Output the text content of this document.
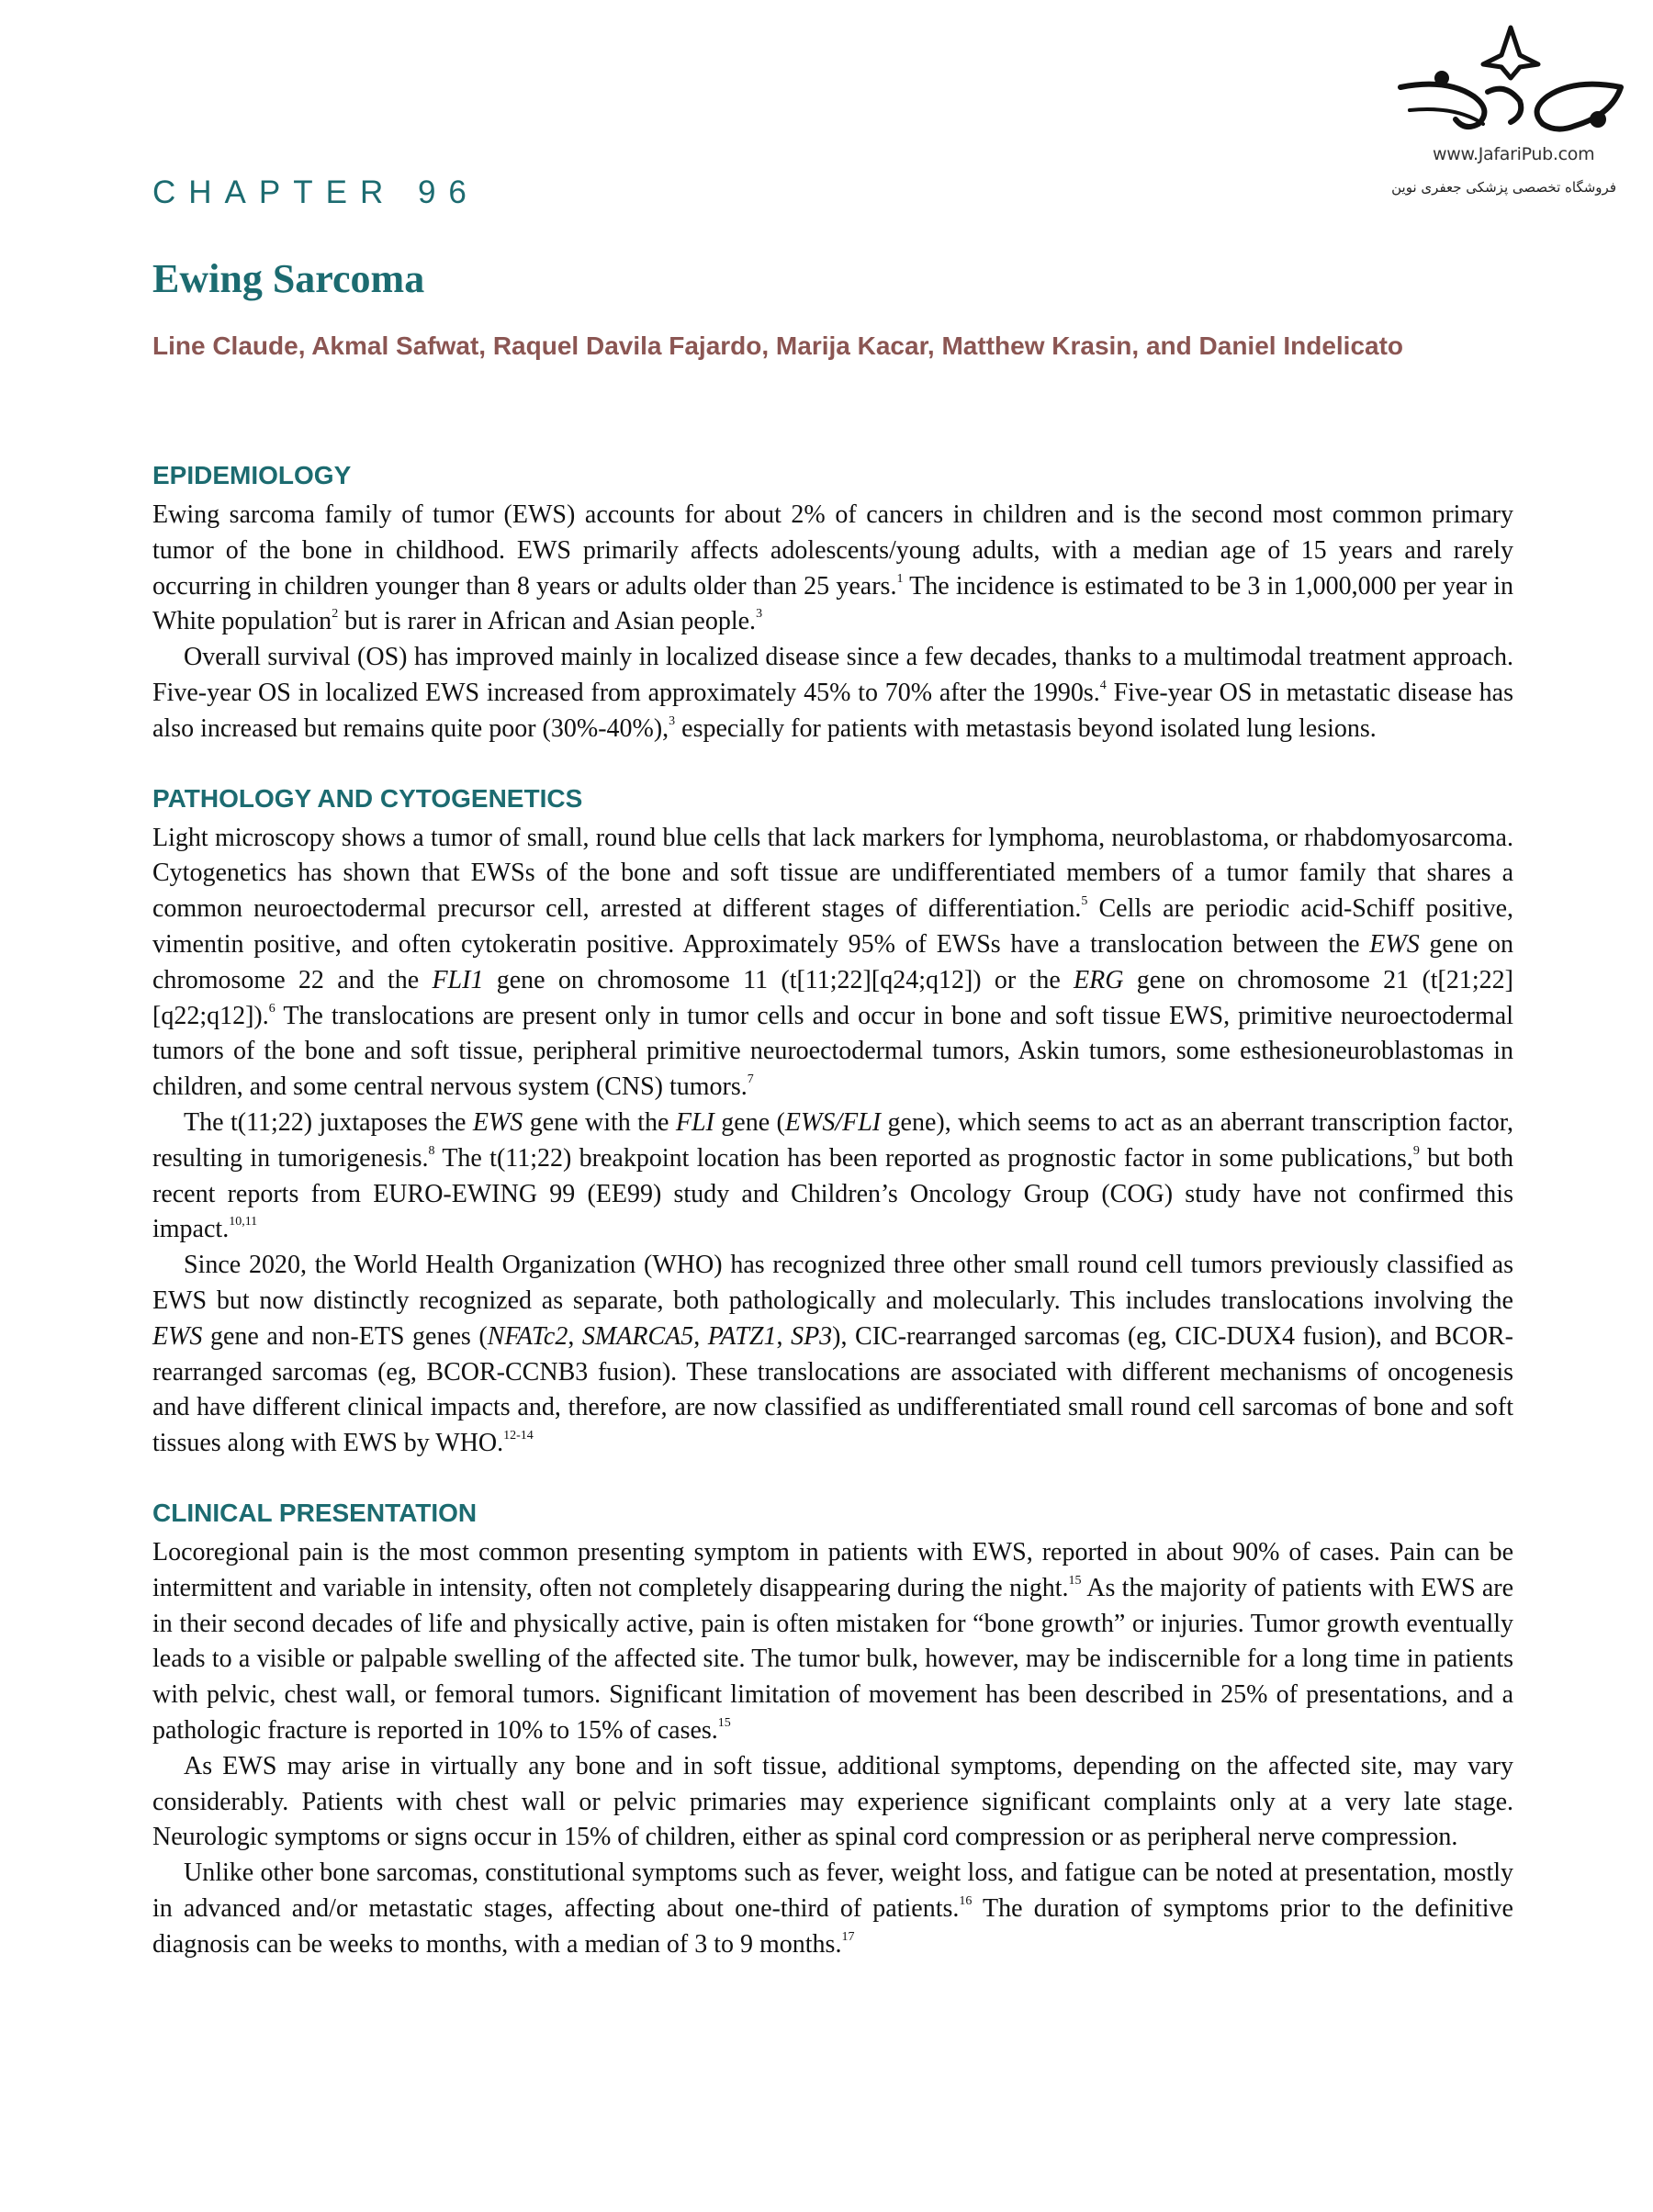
www.JafariPub.com
فروشگاه تخصصی پزشکی جعفری نوین
CHAPTER 96
Ewing Sarcoma
Line Claude, Akmal Safwat, Raquel Davila Fajardo, Marija Kacar, Matthew Krasin, and Daniel Indelicato
EPIDEMIOLOGY

Ewing sarcoma family of tumor (EWS) accounts for about 2% of cancers in children and is the second most common primary tumor of the bone in childhood. EWS primarily affects adolescents/young adults, with a median age of 15 years and rarely occurring in children younger than 8 years or adults older than 25 years.$^1$ The incidence is estimated to be 3 in 1,000,000 per year in White population$^2$ but is rarer in African and Asian people.$^3$

Overall survival (OS) has improved mainly in localized disease since a few decades, thanks to a multimodal treatment approach. Five-year OS in localized EWS increased from approximately 45% to 70% after the 1990s.$^4$ Five-year OS in metastatic disease has also increased but remains quite poor (30%-40%),$^3$ especially for patients with metastasis beyond isolated lung lesions.

PATHOLOGY AND CYTOGENETICS

Light microscopy shows a tumor of small, round blue cells that lack markers for lymphoma, neuroblastoma, or rhabdomyosarcoma. Cytogenetics has shown that EWSs of the bone and soft tissue are undifferentiated members of a tumor family that shares a common neuroectodermal precursor cell, arrested at different stages of differentiation.$^5$ Cells are periodic acid-Schiff positive, vimentin positive, and often cytokeratin positive. Approximately 95% of EWSs have a translocation between the EWS gene on chromosome 22 and the FLI1 gene on chromosome 11 (t[11;22][q24;q12]) or the ERG gene on chromosome 21 (t[21;22][q22;q12]).$^6$ The translocations are present only in tumor cells and occur in bone and soft tissue EWS, primitive neuroectodermal tumors of the bone and soft tissue, peripheral primitive neuroectodermal tumors, Askin tumors, some esthesioneuroblastomas in children, and some central nervous system (CNS) tumors.$^7$

The t(11;22) juxtaposes the EWS gene with the FLI gene (EWS/FLI gene), which seems to act as an aberrant transcription factor, resulting in tumorigenesis.$^8$ The t(11;22) breakpoint location has been reported as prognostic factor in some publications,$^9$ but both recent reports from EURO-EWING 99 (EE99) study and Children’s Oncology Group (COG) study have not confirmed this impact.$^{10,11}$

Since 2020, the World Health Organization (WHO) has recognized three other small round cell tumors previously classified as EWS but now distinctly recognized as separate, both pathologically and molecularly. This includes translocations involving the EWS gene and non-ETS genes (NFATc2, SMARCA5, PATZ1, SP3), CIC-rearranged sarcomas (eg, CIC-DUX4 fusion), and BCOR-rearranged sarcomas (eg, BCOR-CCNB3 fusion). These translocations are associated with different mechanisms of oncogenesis and have different clinical impacts and, therefore, are now classified as undifferentiated small round cell sarcomas of bone and soft tissues along with EWS by WHO.$^{12-14}$

CLINICAL PRESENTATION

Locoregional pain is the most common presenting symptom in patients with EWS, reported in about 90% of cases. Pain can be intermittent and variable in intensity, often not completely disappearing during the night.$^{15}$ As the majority of patients with EWS are in their second decades of life and physically active, pain is often mistaken for “bone growth” or injuries. Tumor growth eventually leads to a visible or palpable swelling of the affected site. The tumor bulk, however, may be indiscernible for a long time in patients with pelvic, chest wall, or femoral tumors. Significant limitation of movement has been described in 25% of presentations, and a pathologic fracture is reported in 10% to 15% of cases.$^{15}$

As EWS may arise in virtually any bone and in soft tissue, additional symptoms, depending on the affected site, may vary considerably. Patients with chest wall or pelvic primaries may experience significant complaints only at a very late stage. Neurologic symptoms or signs occur in 15% of children, either as spinal cord compression or as peripheral nerve compression.

Unlike other bone sarcomas, constitutional symptoms such as fever, weight loss, and fatigue can be noted at presentation, mostly in advanced and/or metastatic stages, affecting about one-third of patients.$^{16}$ The duration of symptoms prior to the definitive diagnosis can be weeks to months, with a median of 3 to 9 months.$^{17}$
